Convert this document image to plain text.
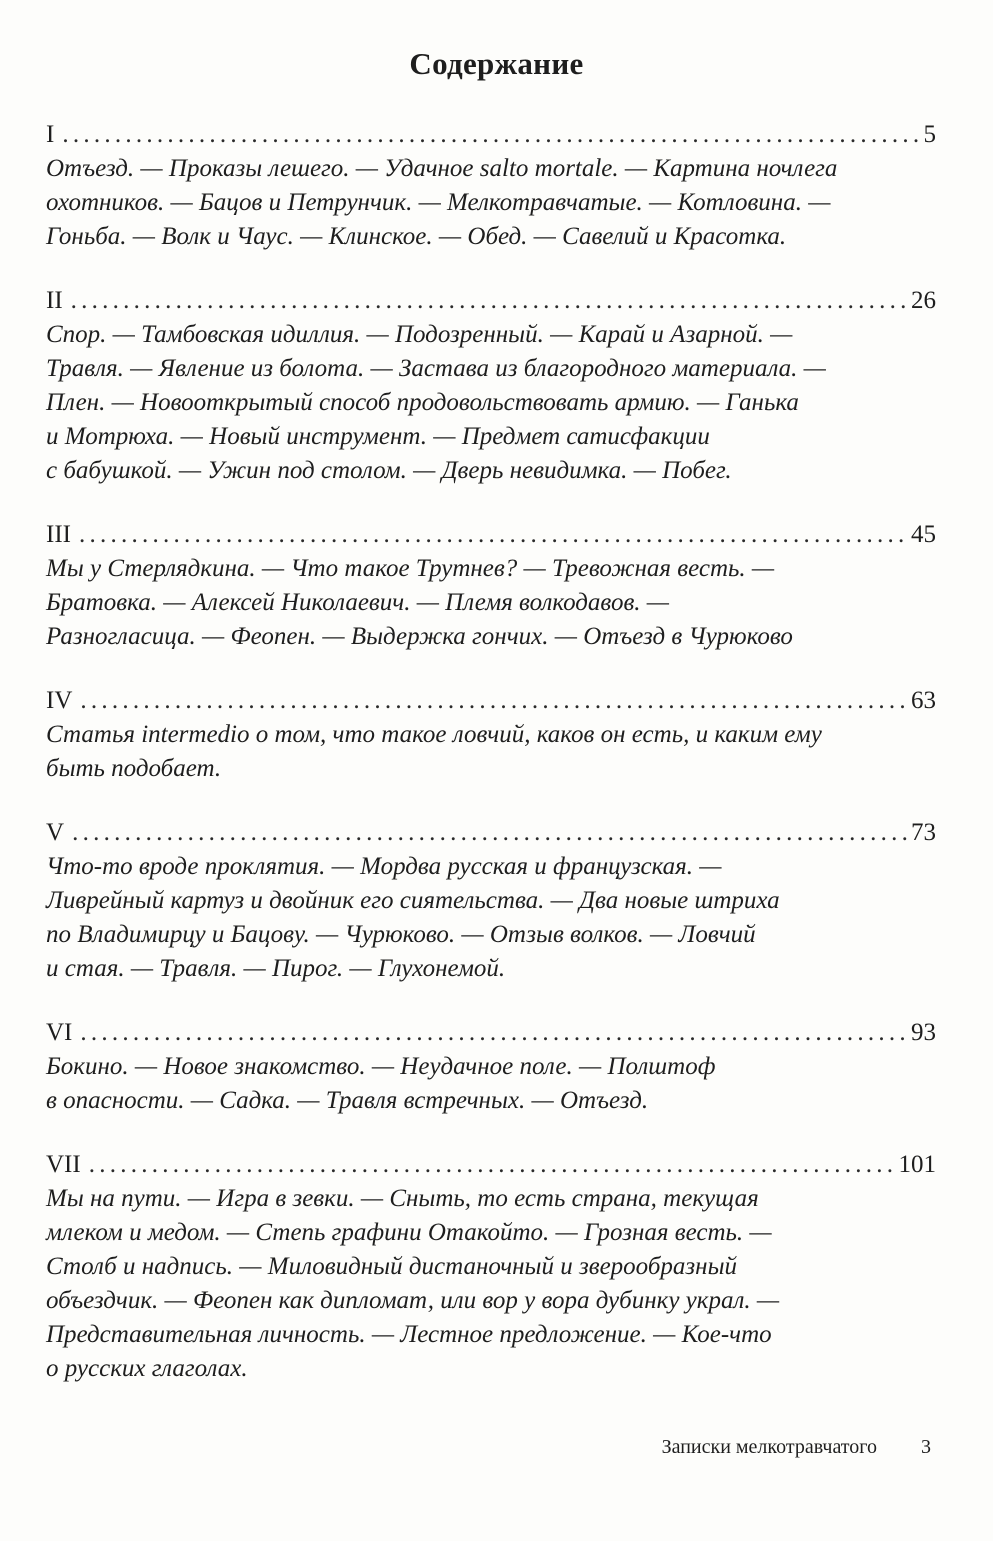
Содержание
I . . .	5
Отъезд. — Проказы лешего. — Удачное salto mortale. — Картина ночлега
охотников. — Бацов и Петрунчик. — Мелкотравчатые. — Котловина. —
Гоньба. — Волк и Чаус. — Клинское. — Обед. — Савелий и Красотка.
II . . .	26
Спор. — Тамбовская идиллия. — Подозренный. — Карай и Азарной. —
Травля. — Явление из болота. — Застава из благородного материала. —
Плен. — Новооткрытый способ продовольствовать армию. — Ганька
и Мотрюха. — Новый инструмент. — Предмет сатисфакции
с бабушкой. — Ужин под столом. — Дверь невидимка. — Побег.
III . . .	45
Мы у Стерлядкина. — Что такое Трутнев? — Тревожная весть. —
Братовка. — Алексей Николаевич. — Племя волкодавов. —
Разногласица. — Феопен. — Выдержка гончих. — Отъезд в Чурюково
IV . . .	63
Статья intermedio о том, что такое ловчий, каков он есть, и каким ему
быть подобает.
V . . .	73
Что-то вроде проклятия. — Мордва русская и французская. —
Ливрейный картуз и двойник его сиятельства. — Два новые штриха
по Владимирцу и Бацову. — Чурюково. — Отзыв волков. — Ловчий
и стая. — Травля. — Пирог. — Глухонемой.
VI . . .	93
Бокино. — Новое знакомство. — Неудачное поле. — Полштоф
в опасности. — Садка. — Травля встречных. — Отъезд.
VII . . .	101
Мы на пути. — Игра в зевки. — Сныть, то есть страна, текущая
млеком и медом. — Степь графини Отакойто. — Грозная весть. —
Столб и надпись. — Миловидный дистаночный и зверообразный
объездчик. — Феопен как дипломат, или вор у вора дубинку украл. —
Представительная личность. — Лестное предложение. — Кое-что
о русских глаголах.
Записки мелкотравчатого 3
